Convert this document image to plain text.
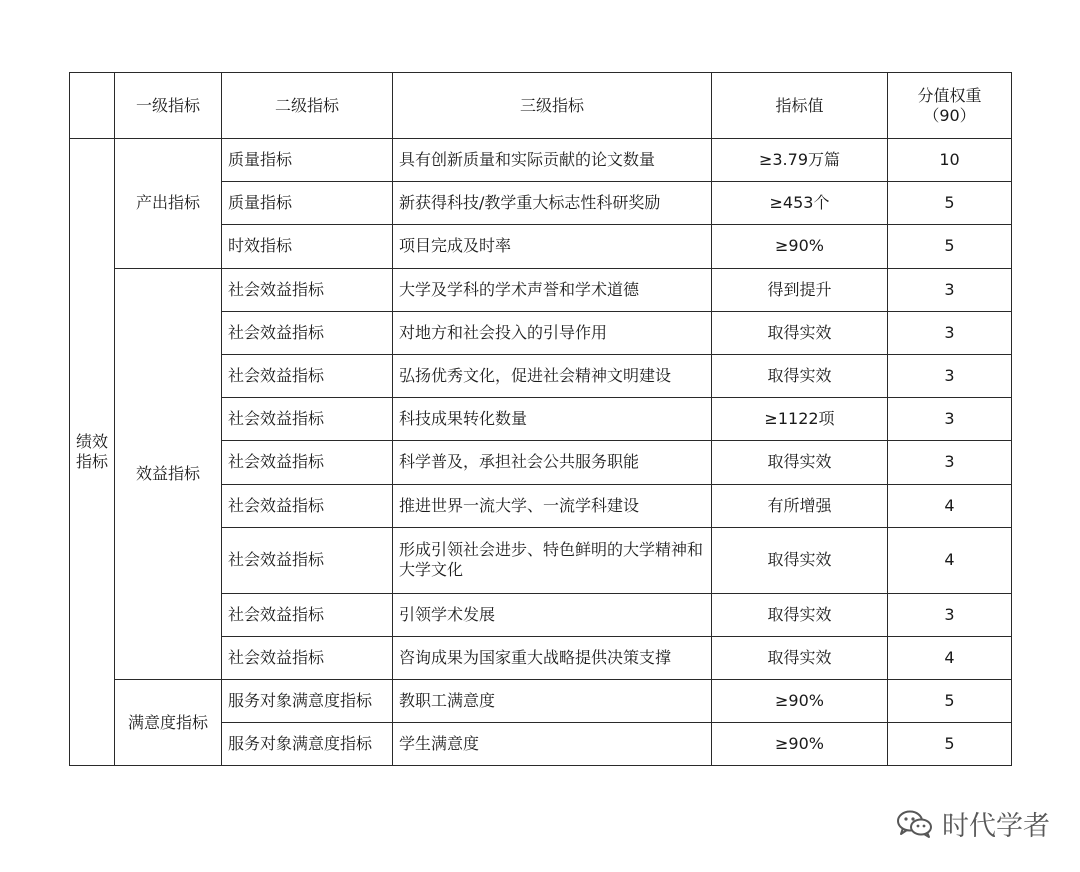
	一级指标	二级指标	三级指标	指标值	分值权重
（90）

绩效指标	产出指标	质量指标	具有创新质量和实际贡献的论文数量	≥3.79万篇	10
		质量指标	新获得科技/教学重大标志性科研奖励	≥453个	5
		时效指标	项目完成及时率	≥90%	5
	效益指标	社会效益指标	大学及学科的学术声誉和学术道德	得到提升	3
		社会效益指标	对地方和社会投入的引导作用	取得实效	3
		社会效益指标	弘扬优秀文化，促进社会精神文明建设	取得实效	3
		社会效益指标	科技成果转化数量	≥1122项	3
		社会效益指标	科学普及，承担社会公共服务职能	取得实效	3
		社会效益指标	推进世界一流大学、一流学科建设	有所增强	4
		社会效益指标	形成引领社会进步、特色鲜明的大学精神和大学文化	取得实效	4
		社会效益指标	引领学术发展	取得实效	3
		社会效益指标	咨询成果为国家重大战略提供决策支撑	取得实效	4
	满意度指标	服务对象满意度指标	教职工满意度	≥90%	5
		服务对象满意度指标	学生满意度	≥90%	5
时代学者
